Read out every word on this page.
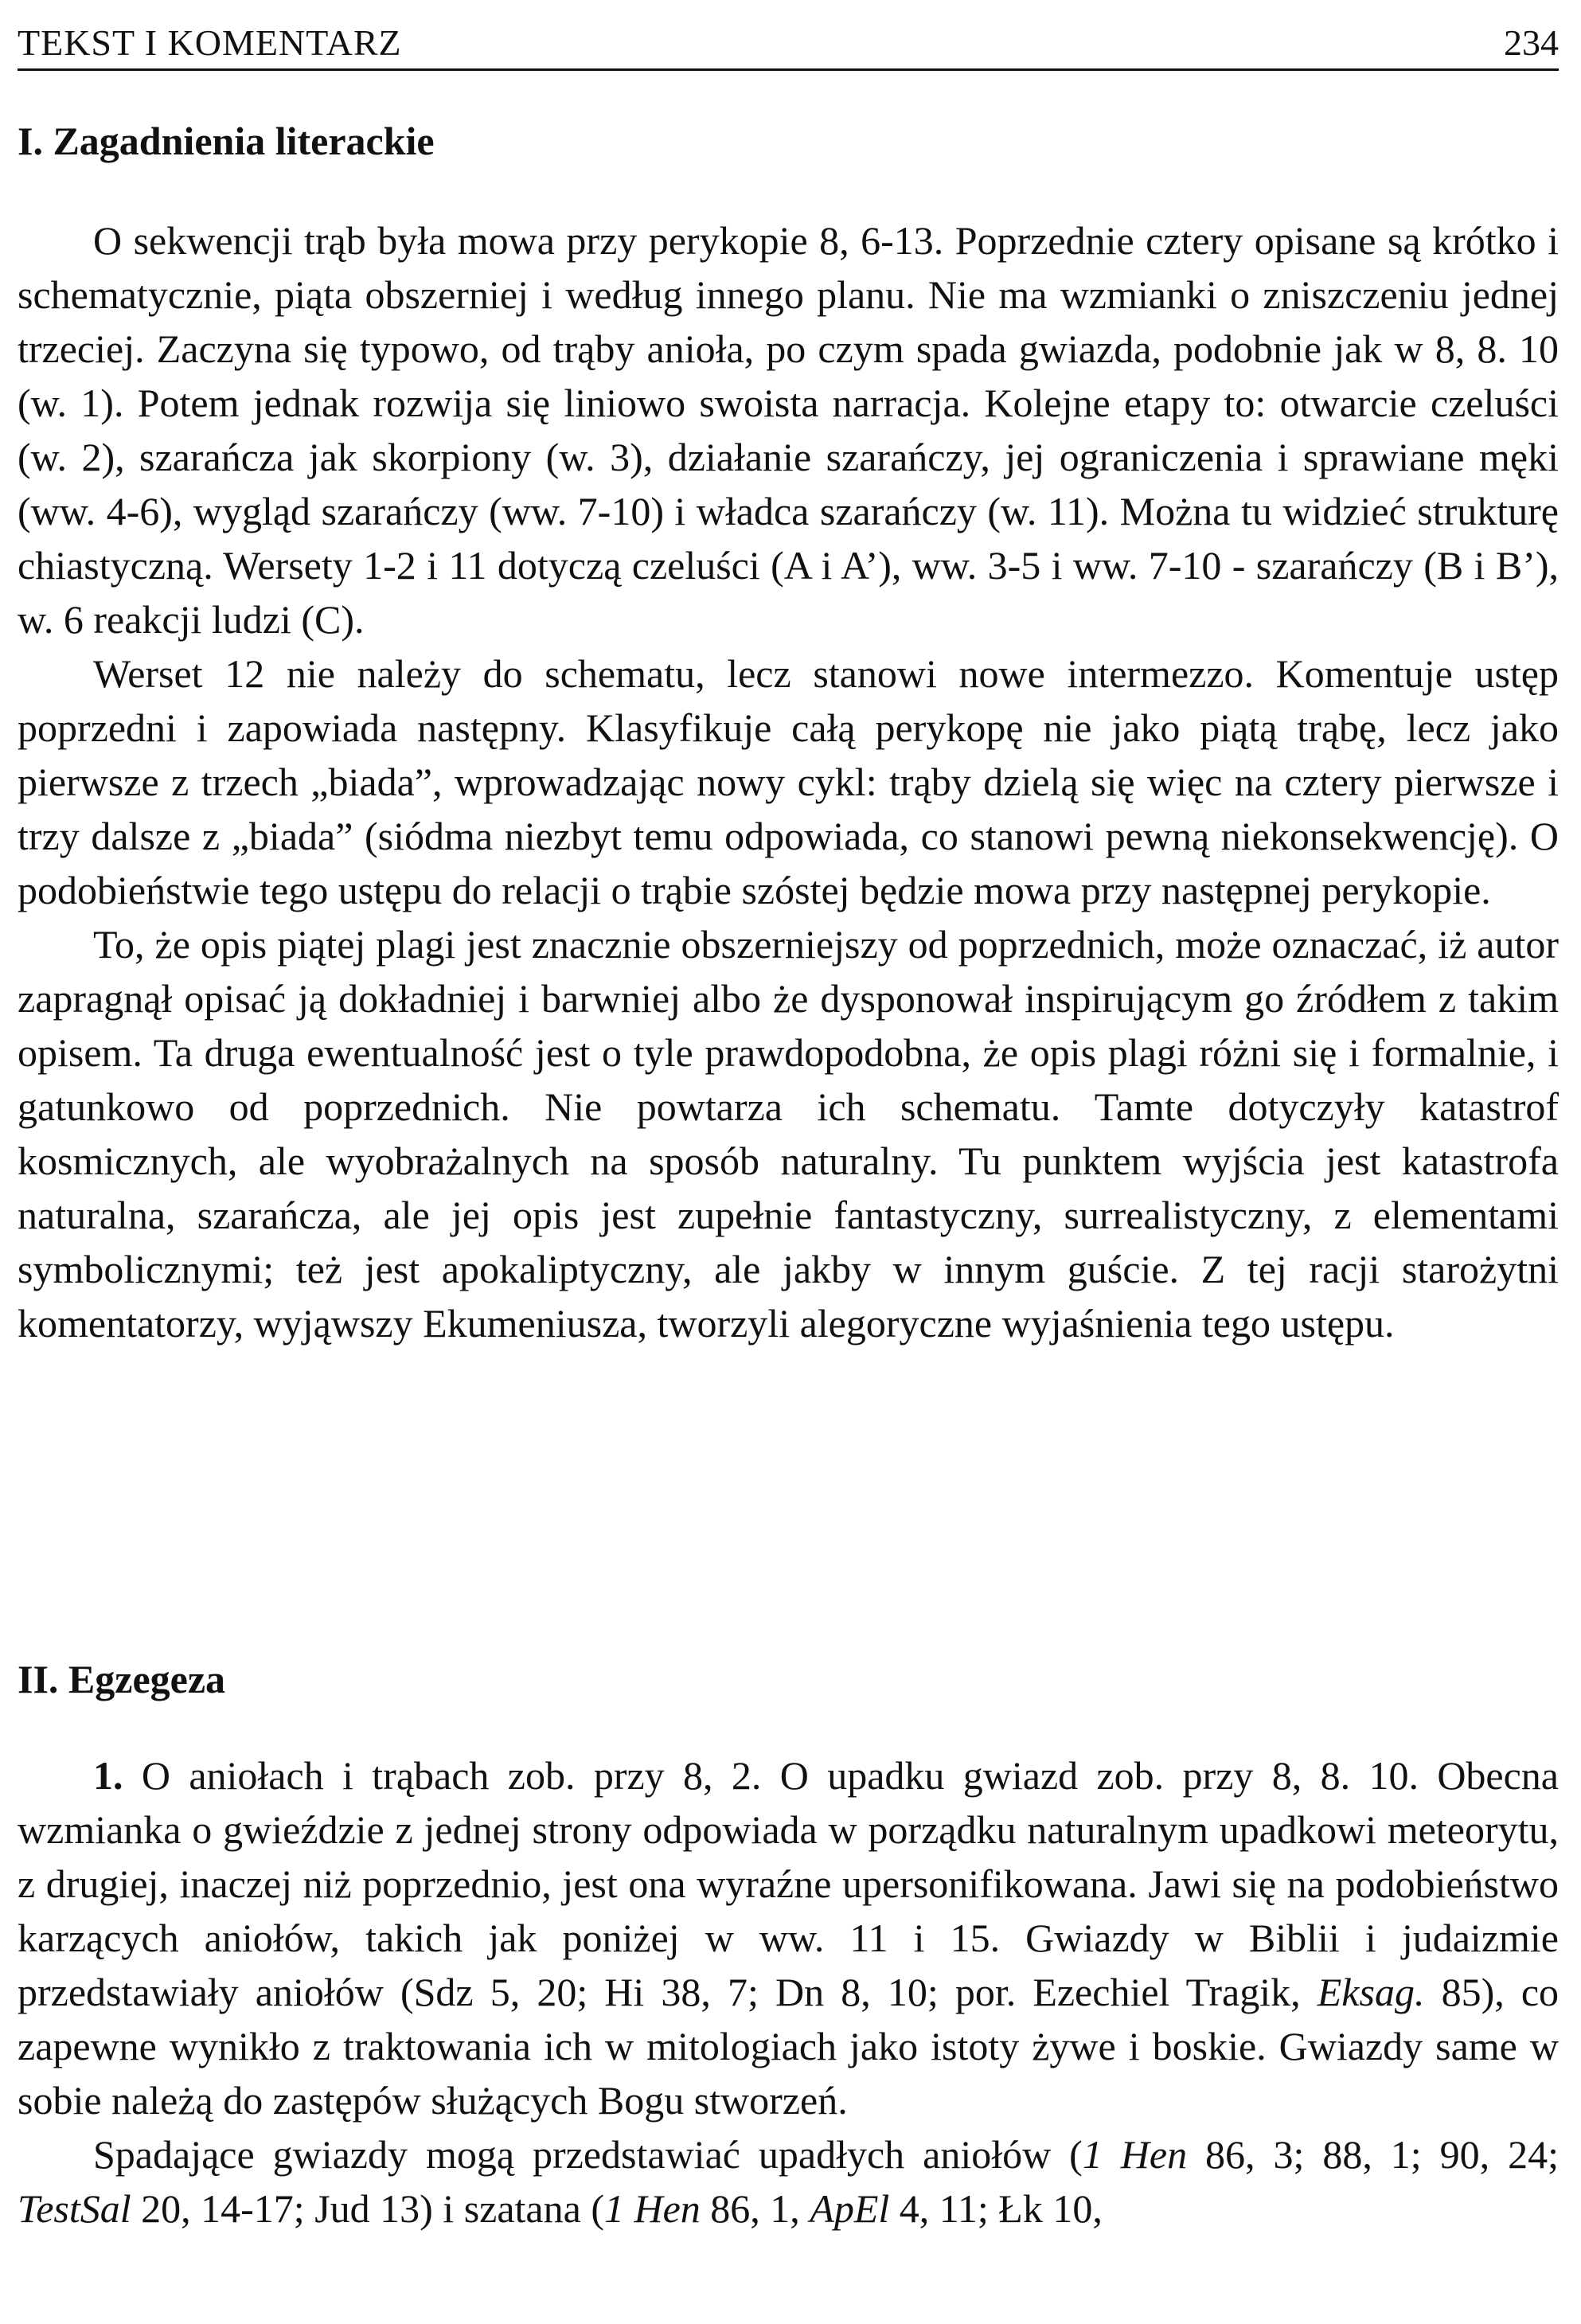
TEKST I KOMENTARZ	234
I. Zagadnienia literackie

O sekwencji trąb była mowa przy perykopie 8, 6-13. Poprzednie cztery opisane są krótko i schematycznie, piąta obszerniej i według innego planu. Nie ma wzmianki o zniszczeniu jednej trzeciej. Zaczyna się typowo, od trąby anioła, po czym spada gwiazda, podobnie jak w 8, 8. 10 (w. 1). Potem jednak rozwija się liniowo swoista narracja. Kolejne etapy to: otwarcie czeluści (w. 2), szarańcza jak skorpiony (w. 3), działanie szarańczy, jej ograniczenia i sprawiane męki (ww. 4-6), wygląd szarańczy (ww. 7-10) i władca szarańczy (w. 11). Można tu widzieć strukturę chiastyczną. Wersety 1-2 i 11 dotyczą czeluści (A i A’), ww. 3-5 i ww. 7-10 - szarańczy (B i B’), w. 6 reakcji ludzi (C).

Werset 12 nie należy do schematu, lecz stanowi nowe intermezzo. Komentuje ustęp poprzedni i zapowiada następny. Klasyfikuje całą perykopę nie jako piątą trąbę, lecz jako pierwsze z trzech „biada”, wprowadzając nowy cykl: trąby dzielą się więc na cztery pierwsze i trzy dalsze z „biada” (siódma niezbyt temu odpowiada, co stanowi pewną niekonsekwencję). O podobieństwie tego ustępu do relacji o trąbie szóstej będzie mowa przy następnej perykopie.

To, że opis piątej plagi jest znacznie obszerniejszy od poprzednich, może oznaczać, iż autor zapragnął opisać ją dokładniej i barwniej albo że dysponował inspirującym go źródłem z takim opisem. Ta druga ewentualność jest o tyle prawdopodobna, że opis plagi różni się i formalnie, i gatunkowo od poprzednich. Nie powtarza ich schematu. Tamte dotyczyły katastrof kosmicznych, ale wyobrażalnych na sposób naturalny. Tu punktem wyjścia jest katastrofa naturalna, szarańcza, ale jej opis jest zupełnie fantastyczny, surrealistyczny, z elementami symbolicznymi; też jest apokaliptyczny, ale jakby w innym guście. Z tej racji starożytni komentatorzy, wyjąwszy Ekumeniusza, tworzyli alegoryczne wyjaśnienia tego ustępu.

II. Egzegeza

1. O aniołach i trąbach zob. przy 8, 2. O upadku gwiazd zob. przy 8, 8. 10. Obecna wzmianka o gwieździe z jednej strony odpowiada w porządku naturalnym upadkowi meteorytu, z drugiej, inaczej niż poprzednio, jest ona wyraźne upersonifikowana. Jawi się na podobieństwo karzących aniołów, takich jak poniżej w ww. 11 i 15. Gwiazdy w Biblii i judaizmie przedstawiały aniołów (Sdz 5, 20; Hi 38, 7; Dn 8, 10; por. Ezechiel Tragik, Eksag. 85), co zapewne wynikło z traktowania ich w mitologiach jako istoty żywe i boskie. Gwiazdy same w sobie należą do zastępów służących Bogu stworzeń.

Spadające gwiazdy mogą przedstawiać upadłych aniołów (1 Hen 86, 3; 88, 1; 90, 24; TestSal 20, 14-17; Jud 13) i szatana (1 Hen 86, 1, ApEl 4, 11; Łk 10,
